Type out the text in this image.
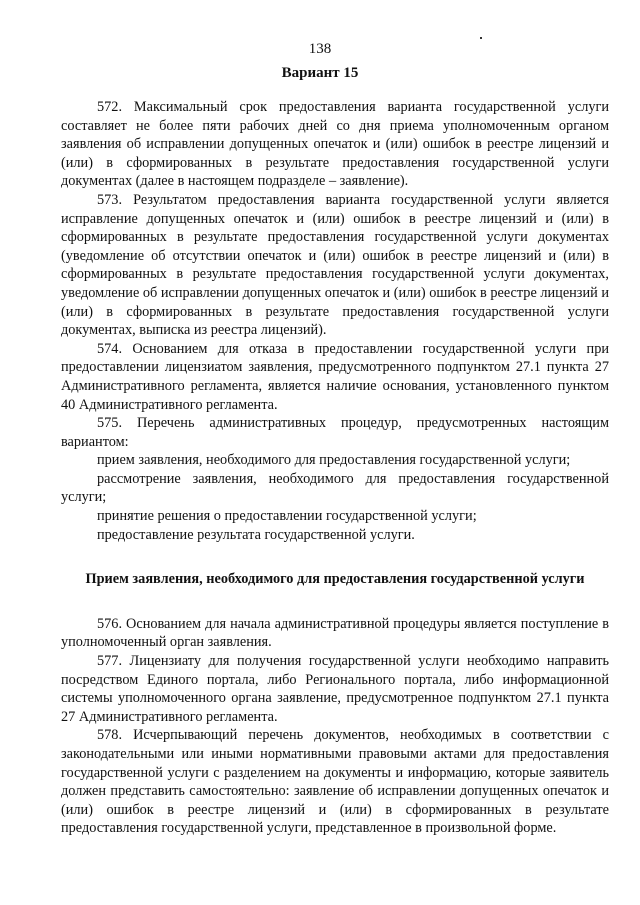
138
Вариант 15

572. Максимальный срок предоставления варианта государственной услуги составляет не более пяти рабочих дней со дня приема уполномоченным органом заявления об исправлении допущенных опечаток и (или) ошибок в реестре лицензий и (или) в сформированных в результате предоставления государственной услуги документах (далее в настоящем подразделе – заявление).

573. Результатом предоставления варианта государственной услуги является исправление допущенных опечаток и (или) ошибок в реестре лицензий и (или) в сформированных в результате предоставления государственной услуги документах (уведомление об отсутствии опечаток и (или) ошибок в реестре лицензий и (или) в сформированных в результате предоставления государственной услуги документах, уведомление об исправлении допущенных опечаток и (или) ошибок в реестре лицензий и (или) в сформированных в результате предоставления государственной услуги документах, выписка из реестра лицензий).

574. Основанием для отказа в предоставлении государственной услуги при предоставлении лицензиатом заявления, предусмотренного подпунктом 27.1 пункта 27 Административного регламента, является наличие основания, установленного пунктом 40 Административного регламента.

575. Перечень административных процедур, предусмотренных настоящим вариантом:

прием заявления, необходимого для предоставления государственной услуги;

рассмотрение заявления, необходимого для предоставления государственной услуги;

принятие решения о предоставлении государственной услуги;

предоставление результата государственной услуги.

Прием заявления, необходимого для предоставления государственной услуги

576. Основанием для начала административной процедуры является поступление в уполномоченный орган заявления.

577. Лицензиату для получения государственной услуги необходимо направить посредством Единого портала, либо Регионального портала, либо информационной системы уполномоченного органа заявление, предусмотренное подпунктом 27.1 пункта 27 Административного регламента.

578. Исчерпывающий перечень документов, необходимых в соответствии с законодательными или иными нормативными правовыми актами для предоставления государственной услуги с разделением на документы и информацию, которые заявитель должен представить самостоятельно: заявление об исправлении допущенных опечаток и (или) ошибок в реестре лицензий и (или) в сформированных в результате предоставления государственной услуги, представленное в произвольной форме.
